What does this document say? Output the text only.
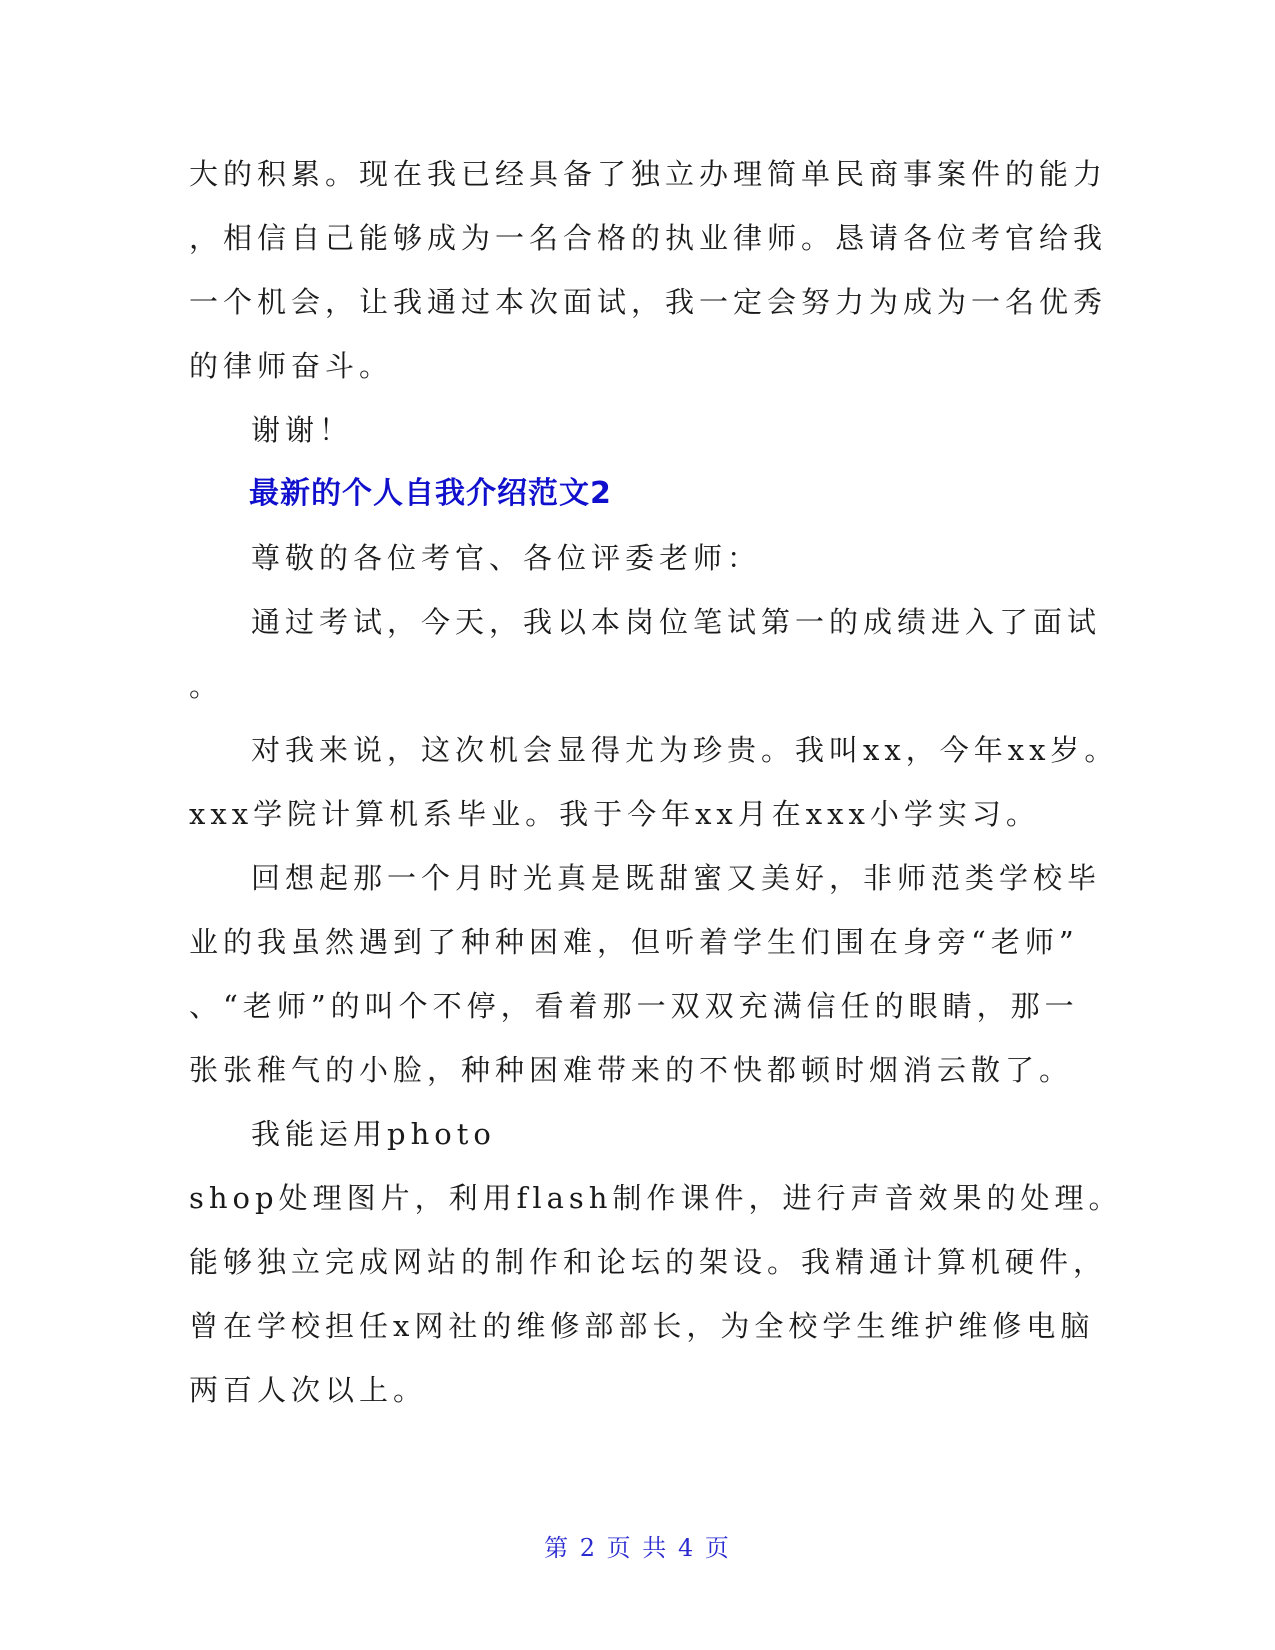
大的积累。现在我已经具备了独立办理简单民商事案件的能力
，相信自己能够成为一名合格的执业律师。恳请各位考官给我
一个机会，让我通过本次面试，我一定会努力为成为一名优秀
的律师奋斗。
谢谢！
最新的个人自我介绍范文2
尊敬的各位考官、各位评委老师：
通过考试，今天，我以本岗位笔试第一的成绩进入了面试
。
对我来说，这次机会显得尤为珍贵。我叫xx，今年xx岁。
xxx学院计算机系毕业。我于今年xx月在xxx小学实习。
回想起那一个月时光真是既甜蜜又美好，非师范类学校毕
业的我虽然遇到了种种困难，但听着学生们围在身旁“老师”
、“老师”的叫个不停，看着那一双双充满信任的眼睛，那一
张张稚气的小脸，种种困难带来的不快都顿时烟消云散了。
我能运用photo
shop处理图片，利用flash制作课件，进行声音效果的处理。
能够独立完成网站的制作和论坛的架设。我精通计算机硬件，
曾在学校担任x网社的维修部部长，为全校学生维护维修电脑
两百人次以上。
第 2 页 共 4 页
